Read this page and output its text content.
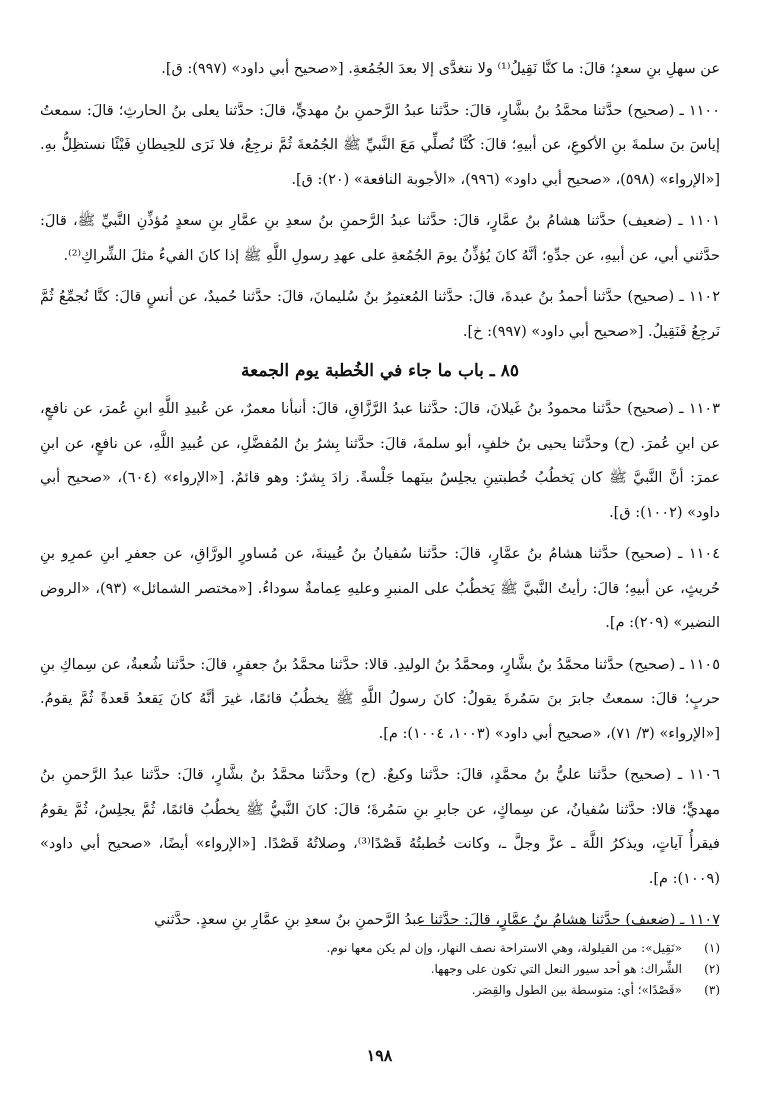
عن سهلِ بنِ سعدٍ؛ قالَ: ما كنَّا نَقِيلُ⁽¹⁾ ولا نتغدَّى إلا بعدَ الجُمُعةِ. [«صحيح أبي داود» (٩٩٧): ق].

١١٠٠ ـ (صحيح) حدَّثنا محمَّدُ بنُ بشَّارٍ، قالَ: حدَّثنا عبدُ الرَّحمنِ بنُ مهديٍّ، قالَ: حدَّثنا يعلى بنُ الحارثِ؛ قالَ: سمعتُ إياسَ بنَ سلمةَ بنِ الأكوعِ، عن أبيهِ؛ قالَ: كُنَّا نُصلِّي مَعَ النَّبيِّ ﷺ الجُمُعةَ ثُمَّ نرجِعُ، فلا نَرَى للحِيطانِ فَيْئًا نستظِلُّ بهِ. [«الإرواء» (٥٩٨)، «صحيح أبي داود» (٩٩٦)، «الأجوبة النافعة» (٢٠): ق].

١١٠١ ـ (ضعيف) حدَّثنا هشامُ بنُ عمَّارٍ، قالَ: حدَّثنا عبدُ الرَّحمنِ بنُ سعدِ بنِ عمَّارِ بنِ سعدٍ مُؤذِّنِ النَّبيِّ ﷺ، قالَ: حدَّثني أبي، عن أبيهِ، عن جدِّهِ؛ أنَّهُ كانَ يُؤذِّنُ يومَ الجُمُعةِ على عهدِ رسولِ اللَّهِ ﷺ إذا كانَ الفيءُ مثلَ الشِّراكِ⁽²⁾.

١١٠٢ ـ (صحيح) حدَّثنا أحمدُ بنُ عبدةَ، قالَ: حدَّثنا المُعتمِرُ بنُ سُليمانَ، قالَ: حدَّثنا حُميدٌ، عن أنسٍ قالَ: كنَّا نُجمِّعُ ثُمَّ نَرجِعُ فَنَقِيلُ. [«صحيح أبي داود» (٩٩٧): خ].

٨٥ ـ باب ما جاء في الخُطبة يوم الجمعة

١١٠٣ ـ (صحيح) حدَّثنا محمودُ بنُ غَيلانَ، قالَ: حدَّثنا عبدُ الرَّزَّاقِ، قالَ: أنبأنا معمرٌ، عن عُبيدِ اللَّهِ ابنِ عُمرَ، عن نافعٍ، عن ابنِ عُمرَ. (ح) وحدَّثنا يحيى بنُ خلفٍ، أبو سلمةَ، قالَ: حدَّثنا بِشرُ بنُ المُفضَّلِ، عن عُبيدِ اللَّهِ، عن نافعٍ، عن ابنِ عمرَ: أنَّ النَّبيَّ ﷺ كان يَخطُبُ خُطبتينِ يجلِسُ بينَهما جَلْسةً. زادَ بِشرٌ: وهو قائمٌ. [«الإرواء» (٦٠٤)، «صحيح أبي داود» (١٠٠٢): ق].

١١٠٤ ـ (صحيح) حدَّثنا هشامُ بنُ عمَّارٍ، قالَ: حدَّثنا سُفيانُ بنُ عُيينةَ، عن مُساورٍ الورَّاقِ، عن جعفرِ ابنِ عمرِو بنِ حُريثٍ، عن أبيهِ؛ قالَ: رأيتُ النَّبيَّ ﷺ يَخطُبُ على المنبرِ وعليهِ عِمامةٌ سوداءُ. [«مختصر الشمائل» (٩٣)، «الروض النضير» (٢٠٩): م].

١١٠٥ ـ (صحيح) حدَّثنا محمَّدُ بنُ بشَّارٍ، ومحمَّدُ بنُ الوليدِ. قالا: حدَّثنا محمَّدُ بنُ جعفرٍ، قالَ: حدَّثنا شُعبةُ، عن سِماكِ بنِ حربٍ؛ قالَ: سمعتُ جابرَ بنَ سَمُرةَ يقولُ: كانَ رسولُ اللَّهِ ﷺ يخطُبُ قائمًا، غيرَ أنَّهُ كانَ يَقعدُ قَعدةً ثُمَّ يقومُ. [«الإرواء» (٣/ ٧١)، «صحيح أبي داود» (١٠٠٣، ١٠٠٤): م].

١١٠٦ ـ (صحيح) حدَّثنا عليُّ بنُ محمَّدٍ، قالَ: حدَّثنا وكيعٌ. (ح) وحدَّثنا محمَّدُ بنُ بشَّارٍ، قالَ: حدَّثنا عبدُ الرَّحمنِ بنُ مهديٍّ؛ قالا: حدَّثنا سُفيانُ، عن سِماكٍ، عن جابرِ بنِ سَمُرةَ؛ قالَ: كانَ النَّبيُّ ﷺ يخطُبُ قائمًا، ثُمَّ يجلِسُ، ثُمَّ يقومُ فيقرأُ آياتٍ، ويذكرُ اللَّهَ ـ عزَّ وجلَّ ـ، وكانت خُطبتُهُ قَصْدًا⁽³⁾، وصلاتُهُ قَصْدًا. [«الإرواء» أيضًا، «صحيح أبي داود» (١٠٠٩): م].

١١٠٧ ـ (ضعيف) حدَّثنا هشامُ بنُ عمَّارٍ، قالَ: حدَّثنا عبدُ الرَّحمنِ بنُ سعدِ بنِ عمَّارِ بنِ سعدٍ. حدَّثني

(١)
«نَقِيل»: من القيلولة، وهي الاستراحة نصف النهار، وإن لم يكن معها نوم.
(٢)
الشِّراك: هو أحد سيور النعل التي تكون على وجهها.
(٣)
«قَصْدًا»؛ أي: متوسطة بين الطول والقِصَر.
١٩٨
